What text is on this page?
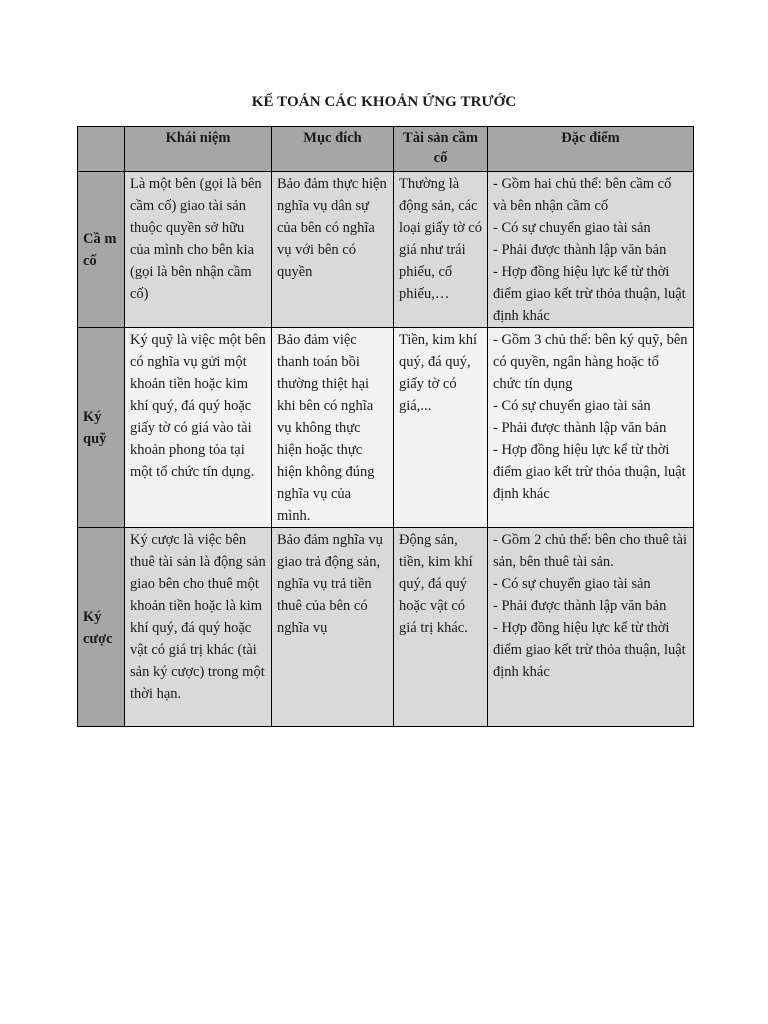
KẾ TOÁN CÁC KHOẢN ỨNG TRƯỚC
	Khái niệm	Mục đích	Tài sản cầm cố	Đặc điểm
Cầ m cố	Là một bên (gọi là bên cầm cố) giao tài sản thuộc quyền sở hữu của mình cho bên kia (gọi là bên nhận cầm cố)	Bảo đảm thực hiện nghĩa vụ dân sự của bên có nghĩa vụ với bên có quyền	Thường là động sản, các loại giấy tờ có giá như trái phiếu, cổ phiếu,…	- Gồm hai chủ thể: bên cầm cố và bên nhận cầm cố
- Có sự chuyển giao tài sản
- Phải được thành lập văn bản
- Hợp đồng hiệu lực kể từ thời điểm giao kết trừ thỏa thuận, luật định khác

Ký quỹ	Ký quỹ là việc một bên có nghĩa vụ gửi một khoản tiền hoặc kim khí quý, đá quý hoặc giấy tờ có giá vào tài khoản phong tỏa tại một tổ chức tín dụng.	Bảo đảm việc thanh toán bồi thường thiệt hại khi bên có nghĩa vụ không thực hiện hoặc thực hiện không đúng nghĩa vụ của mình.	Tiền, kim khí quý, đá quý, giấy tờ có giá,...	- Gồm 3 chủ thể: bên ký quỹ, bên có quyền, ngân hàng hoặc tổ chức tín dụng
- Có sự chuyển giao tài sản
- Phải được thành lập văn bản
- Hợp đồng hiệu lực kể từ thời điểm giao kết trừ thỏa thuận, luật định khác

Ký cược	Ký cược là việc bên thuê tài sản là động sản giao bên cho thuê một khoản tiền hoặc là kim khí quý, đá quý hoặc vật có giá trị khác (tài sản ký cược) trong một thời hạn.	Bảo đảm nghĩa vụ giao trả động sản, nghĩa vụ trả tiền thuê của bên có nghĩa vụ	Động sản, tiền, kim khí quý, đá quý hoặc vật có giá trị khác.	- Gồm 2 chủ thể: bên cho thuê tài sản, bên thuê tài sản.
- Có sự chuyển giao tài sản
- Phải được thành lập văn bản
- Hợp đồng hiệu lực kể từ thời điểm giao kết trừ thỏa thuận, luật định khác
